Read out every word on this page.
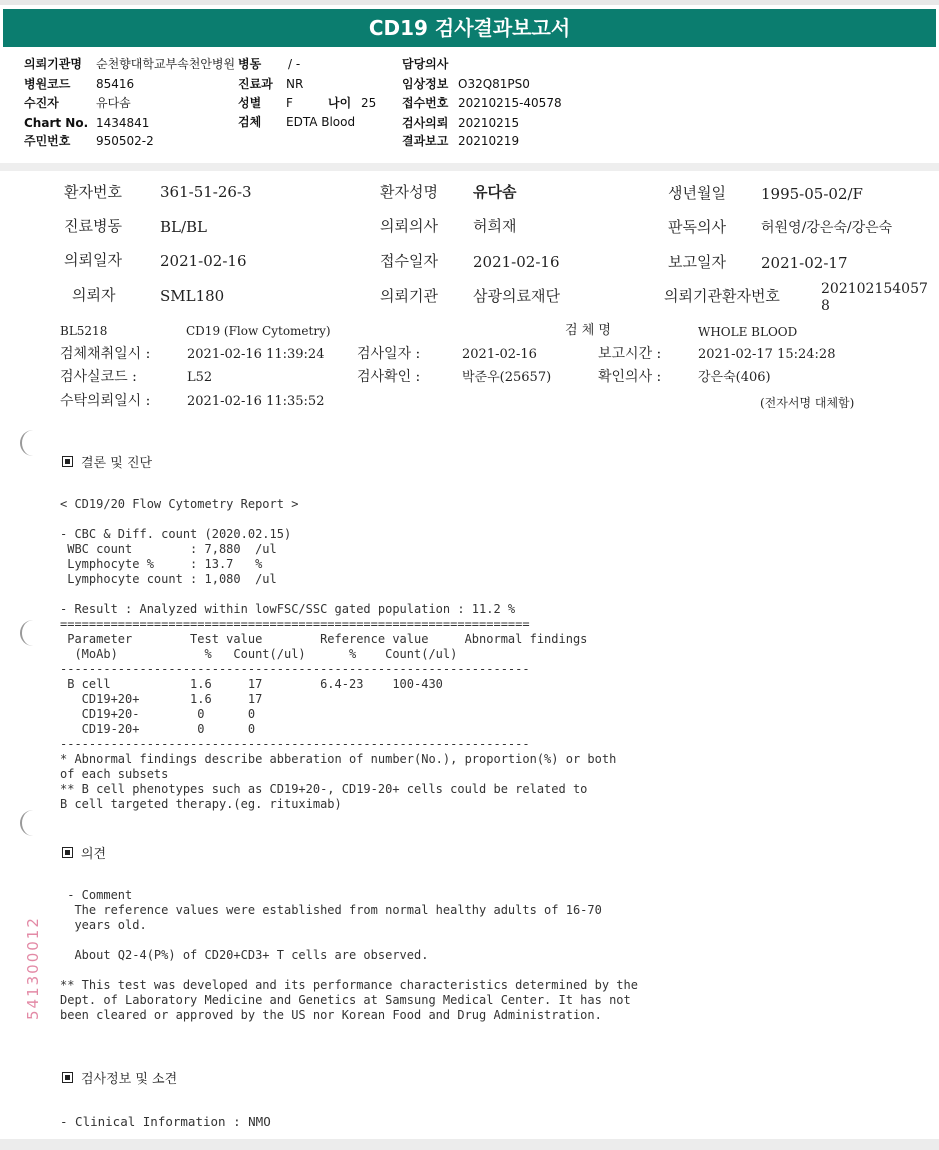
CD19 검사결과보고서
의뢰기관명 순천향대학교부속천안병원 병동 / -	담당의사
병원코드 85416	진료과 NR	임상정보 O32Q81PS0
수진자	유다솜	성별 F	나이 25 접수번호 20210215-40578
Chart No. 1434841	검체 EDTA Blood	검사의뢰 20210215
주민번호 950502-2	결과보고 20210219
환자번호	361-51-26-3	환자성명 유다솜	생년월일 1995-05-02/F
진료병동	BL/BL	의뢰의사 허희재	판독의사	허원영/강은숙/강은숙
의뢰일자	2021-02-16	접수일자 2021-02-16	보고일자 2021-02-17
의뢰자	SML180	의뢰기관 삼광의료재단	의뢰기관환자번호	202102154057
8
BL5218	CD19 (Flow Cytometry)	검 체 명	WHOLE BLOOD
검체채취일시 :	2021-02-16 11:39:24 검사일자 :	2021-02-16	보고시간 :	2021-02-17 15:24:28
검사실코드 :	L52	검사확인 :	박준우(25657)	확인의사 :	강은숙(406)
수탁의뢰일시 :	2021-02-16 11:35:52	(전자서명 대체함)
결론 및 진단
< CD19/20 Flow Cytometry Report >

- CBC & Diff. count (2020.02.15)
WBC count        : 7,880  /ul
Lymphocyte %     : 13.7   %
Lymphocyte count : 1,080  /ul

- Result : Analyzed within lowFSC/SSC gated population : 11.2 %
=================================================================
Parameter        Test value        Reference value     Abnormal findings
(MoAb)            %   Count(/ul)      %    Count(/ul)
-----------------------------------------------------------------
B cell           1.6     17        6.4-23    100-430
CD19+20+       1.6     17
CD19+20-        0      0
CD19-20+        0      0
-----------------------------------------------------------------
* Abnormal findings describe abberation of number(No.), proportion(%) or both
of each subsets
** B cell phenotypes such as CD19+20-, CD19-20+ cells could be related to
B cell targeted therapy.(eg. rituximab)
의견
- Comment
The reference values were established from normal healthy adults of 16-70
years old.

About Q2-4(P%) of CD20+CD3+ T cells are observed.

** This test was developed and its performance characteristics determined by the
Dept. of Laboratory Medicine and Genetics at Samsung Medical Center. It has not
been cleared or approved by the US nor Korean Food and Drug Administration.
검사정보 및 소견
- Clinical Information : NMO
541300012
